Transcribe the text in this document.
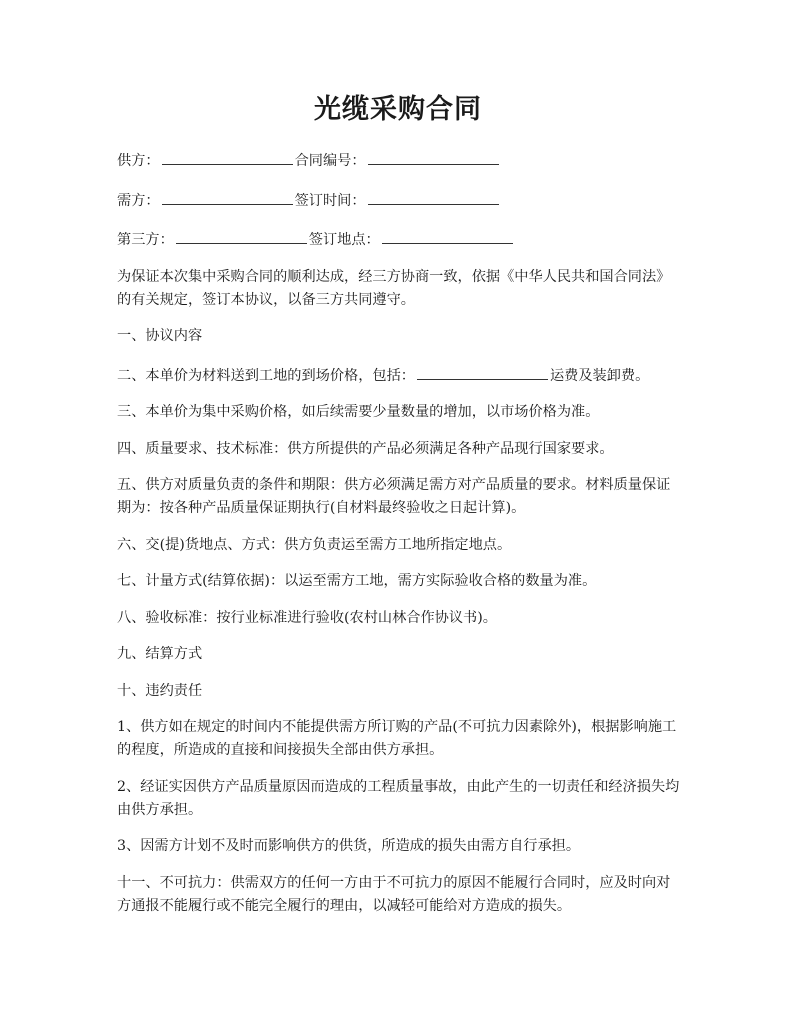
光缆采购合同
供方：	合同编号：
需方：	签订时间：
第三方：	签订地点：

为保证本次集中采购合同的顺利达成，经三方协商一致，依据《中华人民共和国合同法》的有关规定，签订本协议，以备三方共同遵守。

一、协议内容

二、本单价为材料送到工地的到场价格，包括：	运费及装卸费。

三、本单价为集中采购价格，如后续需要少量数量的增加，以市场价格为准。

四、质量要求、技术标准：供方所提供的产品必须满足各种产品现行国家要求。

五、供方对质量负责的条件和期限：供方必须满足需方对产品质量的要求。材料质量保证期为：按各种产品质量保证期执行(自材料最终验收之日起计算)。

六、交(提)货地点、方式：供方负责运至需方工地所指定地点。

七、计量方式(结算依据)：以运至需方工地，需方实际验收合格的数量为准。

八、验收标准：按行业标准进行验收(农村山林合作协议书)。

九、结算方式

十、违约责任

1、供方如在规定的时间内不能提供需方所订购的产品(不可抗力因素除外)，根据影响施工的程度，所造成的直接和间接损失全部由供方承担。

2、经证实因供方产品质量原因而造成的工程质量事故，由此产生的一切责任和经济损失均由供方承担。

3、因需方计划不及时而影响供方的供货，所造成的损失由需方自行承担。

十一、不可抗力：供需双方的任何一方由于不可抗力的原因不能履行合同时，应及时向对方通报不能履行或不能完全履行的理由，以减轻可能给对方造成的损失。
